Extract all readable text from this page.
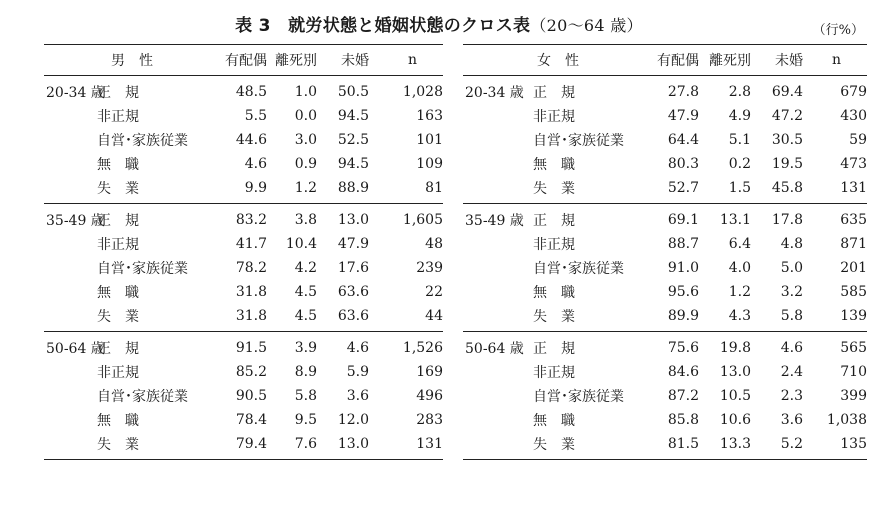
表 3　就労状態と婚姻状態のクロス表（20〜64 歳）	（行%）
	男　性	有配偶	離死別	未婚	n
20-34 歳	正　規	48.5	1.0	50.5	1,028
	非正規	5.5	0.0	94.5	163
	自営･家族従業	44.6	3.0	52.5	101
	無　職	4.6	0.9	94.5	109
	失　業	9.9	1.2	88.9	81
35-49 歳	正　規	83.2	3.8	13.0	1,605
	非正規	41.7	10.4	47.9	48
	自営･家族従業	78.2	4.2	17.6	239
	無　職	31.8	4.5	63.6	22
	失　業	31.8	4.5	63.6	44
50-64 歳	正　規	91.5	3.9	4.6	1,526
	非正規	85.2	8.9	5.9	169
	自営･家族従業	90.5	5.8	3.6	496
	無　職	78.4	9.5	12.0	283
	失　業	79.4	7.6	13.0	131
	女　性	有配偶	離死別	未婚	n
20-34 歳	正　規	27.8	2.8	69.4	679
	非正規	47.9	4.9	47.2	430
	自営･家族従業	64.4	5.1	30.5	59
	無　職	80.3	0.2	19.5	473
	失　業	52.7	1.5	45.8	131
35-49 歳	正　規	69.1	13.1	17.8	635
	非正規	88.7	6.4	4.8	871
	自営･家族従業	91.0	4.0	5.0	201
	無　職	95.6	1.2	3.2	585
	失　業	89.9	4.3	5.8	139
50-64 歳	正　規	75.6	19.8	4.6	565
	非正規	84.6	13.0	2.4	710
	自営･家族従業	87.2	10.5	2.3	399
	無　職	85.8	10.6	3.6	1,038
	失　業	81.5	13.3	5.2	135
